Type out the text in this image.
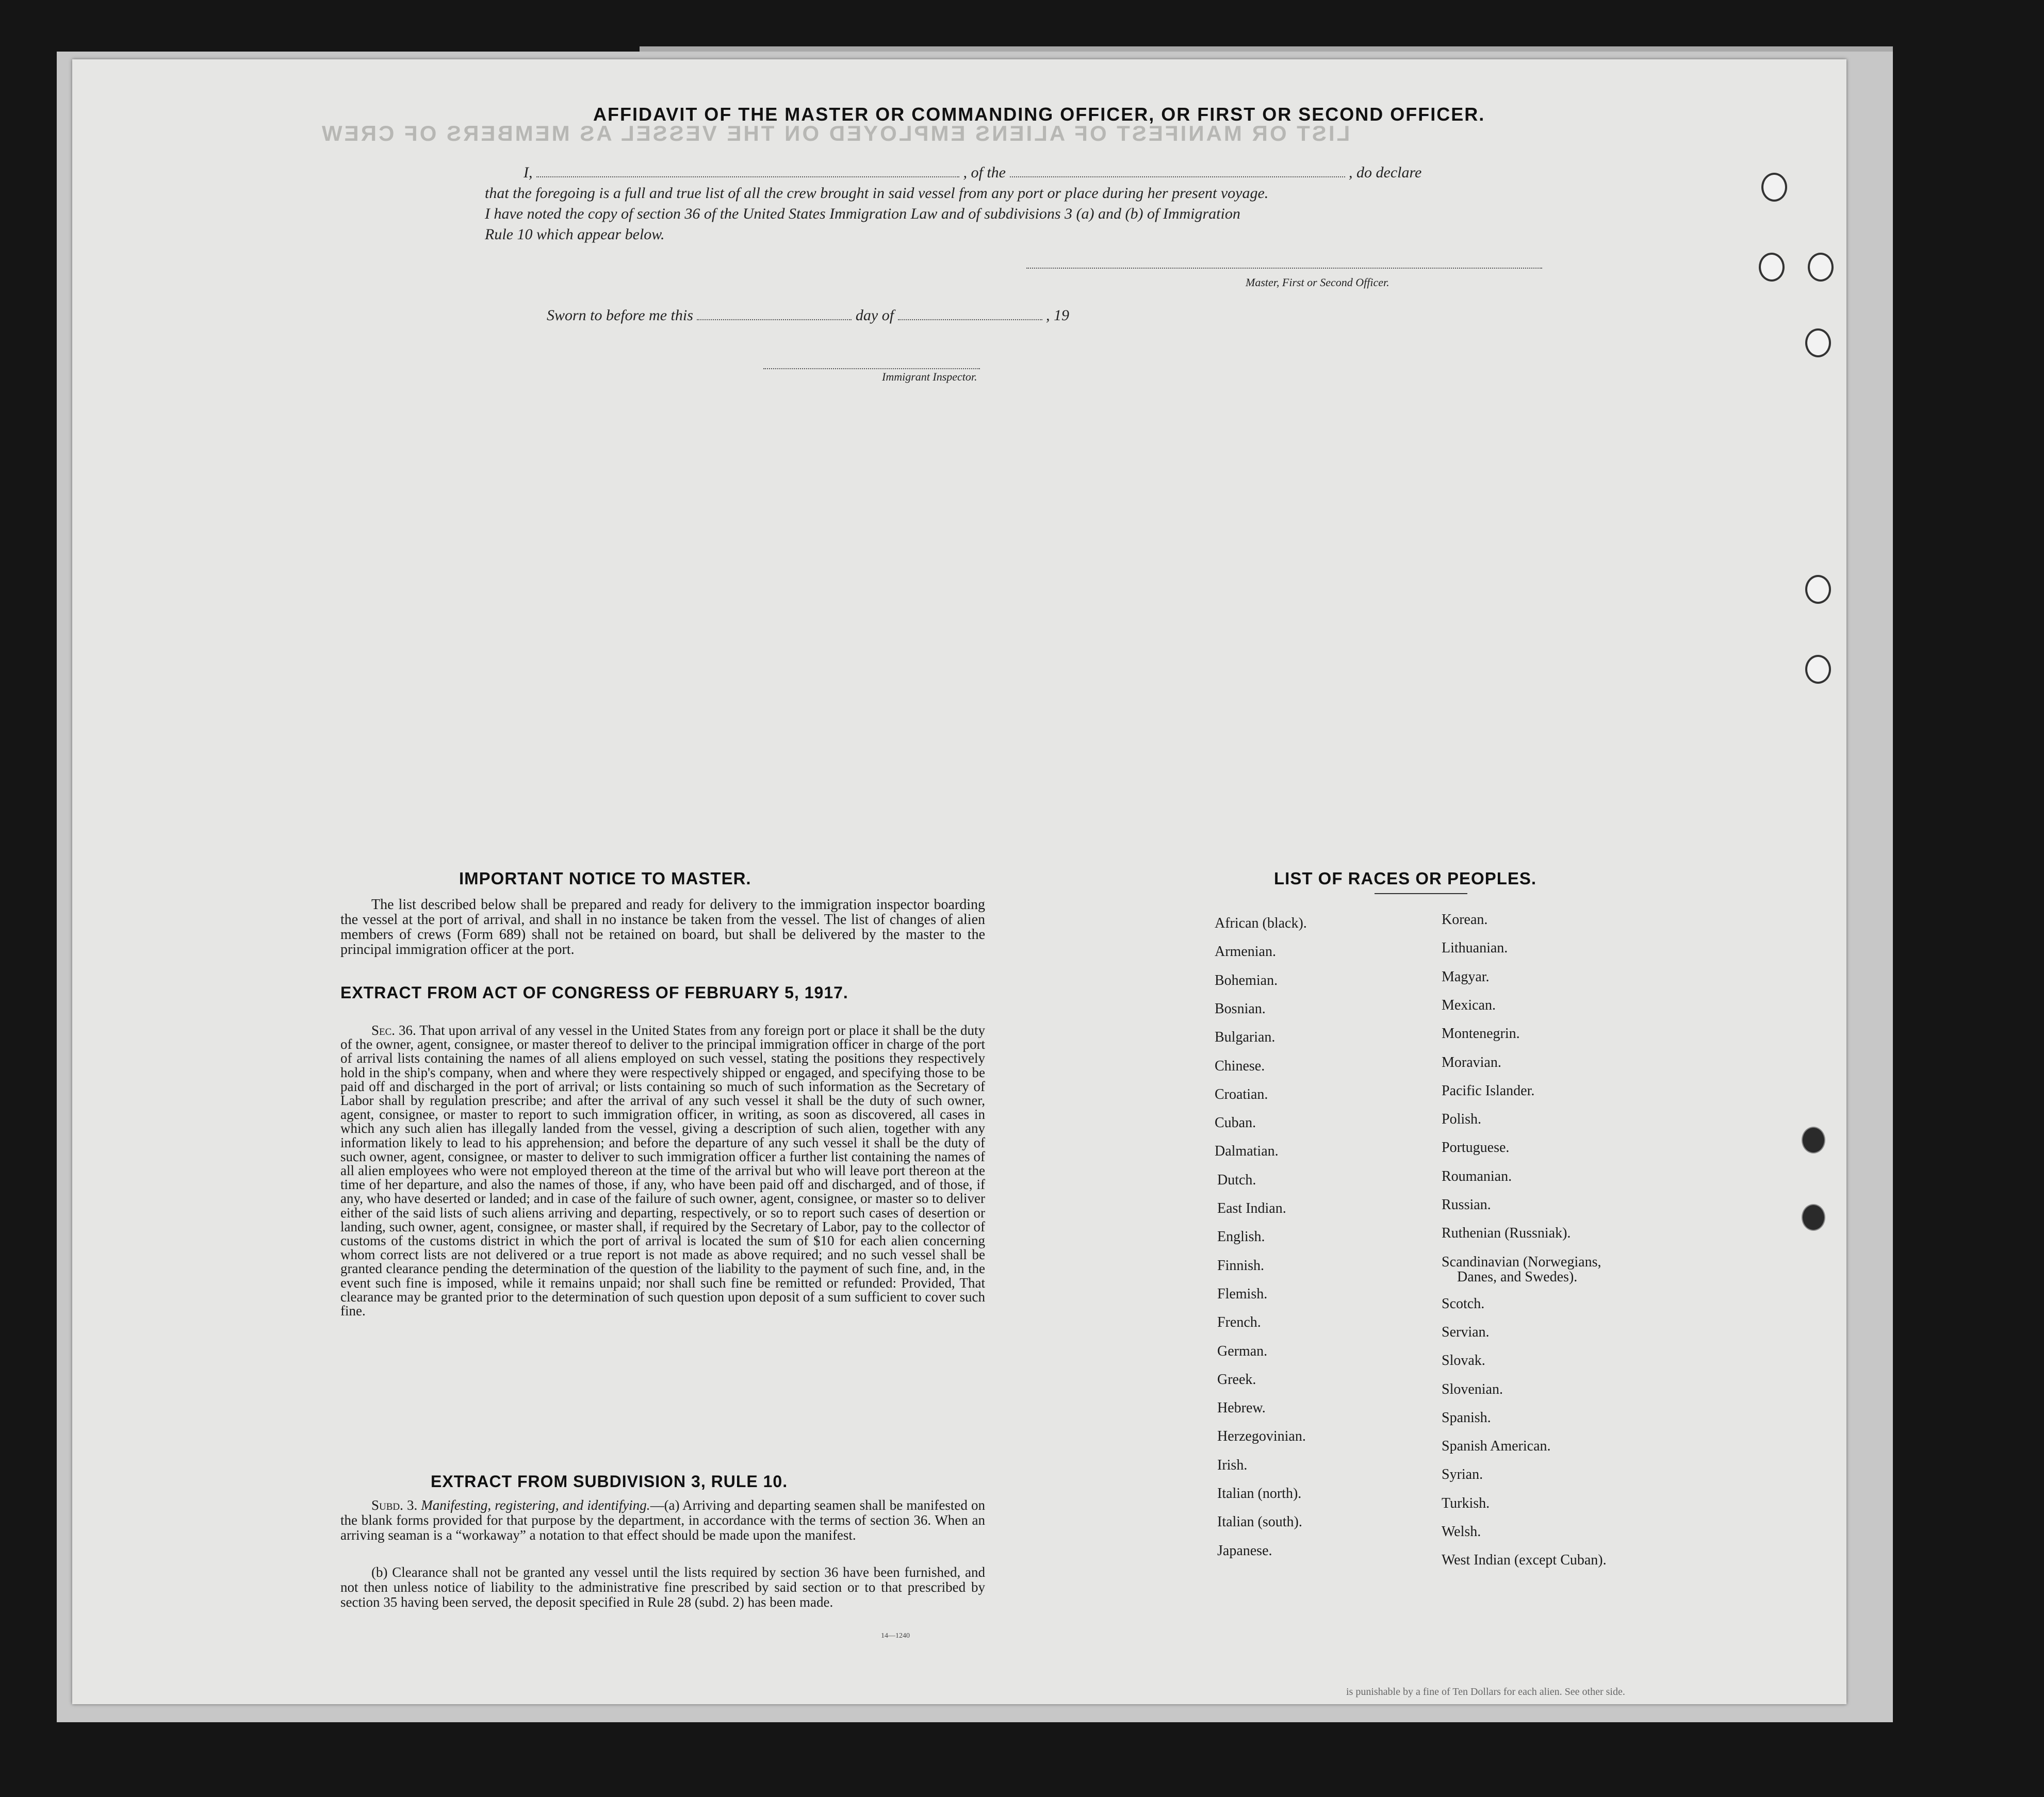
LIST OR MANIFEST OF ALIENS EMPLOYED ON THE VESSEL AS MEMBERS OF CREW
AFFIDAVIT OF THE MASTER OR COMMANDING OFFICER, OR FIRST OR SECOND OFFICER.
I,	, of the	, do declare
that the foregoing is a full and true list of all the crew brought in said vessel from any port or place during her present voyage.
I have noted the copy of section 36 of the United States Immigration Law and of subdivisions 3 (a) and (b) of Immigration
Rule 10 which appear below.
Master, First or Second Officer.
Sworn to before me this	day of	, 19
Immigrant Inspector.
IMPORTANT NOTICE TO MASTER.
The list described below shall be prepared and ready for delivery to the immigration inspector boarding the vessel at the port of arrival, and shall in no instance be taken from the vessel. The list of changes of alien members of crews (Form 689) shall not be retained on board, but shall be delivered by the master to the principal immigration officer at the port.
EXTRACT FROM ACT OF CONGRESS OF FEBRUARY 5, 1917.
Sec. 36. That upon arrival of any vessel in the United States from any foreign port or place it shall be the duty of the owner, agent, consignee, or master thereof to deliver to the principal immigration officer in charge of the port of arrival lists containing the names of all aliens employed on such vessel, stating the positions they respectively hold in the ship's company, when and where they were respectively shipped or engaged, and specifying those to be paid off and discharged in the port of arrival; or lists containing so much of such information as the Secretary of Labor shall by regulation prescribe; and after the arrival of any such vessel it shall be the duty of such owner, agent, consignee, or master to report to such immigration officer, in writing, as soon as discovered, all cases in which any such alien has illegally landed from the vessel, giving a description of such alien, together with any information likely to lead to his apprehension; and before the departure of any such vessel it shall be the duty of such owner, agent, consignee, or master to deliver to such immigration officer a further list containing the names of all alien employees who were not employed thereon at the time of the arrival but who will leave port thereon at the time of her departure, and also the names of those, if any, who have been paid off and discharged, and of those, if any, who have deserted or landed; and in case of the failure of such owner, agent, consignee, or master so to deliver either of the said lists of such aliens arriving and departing, respectively, or so to report such cases of desertion or landing, such owner, agent, consignee, or master shall, if required by the Secretary of Labor, pay to the collector of customs of the customs district in which the port of arrival is located the sum of $10 for each alien concerning whom correct lists are not delivered or a true report is not made as above required; and no such vessel shall be granted clearance pending the determination of the question of the liability to the payment of such fine, and, in the event such fine is imposed, while it remains unpaid; nor shall such fine be remitted or refunded: Provided, That clearance may be granted prior to the determination of such question upon deposit of a sum sufficient to cover such fine.
EXTRACT FROM SUBDIVISION 3, RULE 10.
Subd. 3. Manifesting, registering, and identifying.—(a) Arriving and departing seamen shall be manifested on the blank forms provided for that purpose by the department, in accordance with the terms of section 36. When an arriving seaman is a “workaway” a notation to that effect should be made upon the manifest.
(b) Clearance shall not be granted any vessel until the lists required by section 36 have been furnished, and not then unless notice of liability to the administrative fine prescribed by said section or to that prescribed by section 35 having been served, the deposit specified in Rule 28 (subd. 2) has been made.
14—1240
LIST OF RACES OR PEOPLES.
African (black).
Armenian.
Bohemian.
Bosnian.
Bulgarian.
Chinese.
Croatian.
Cuban.
Dalmatian.
Dutch.
East Indian.
English.
Finnish.
Flemish.
French.
German.
Greek.
Hebrew.
Herzegovinian.
Irish.
Italian (north).
Italian (south).
Japanese.
Korean.
Lithuanian.
Magyar.
Mexican.
Montenegrin.
Moravian.
Pacific Islander.
Polish.
Portuguese.
Roumanian.
Russian.
Ruthenian (Russniak).
Scandinavian (Norwegians,
Danes, and Swedes).
Scotch.
Servian.
Slovak.
Slovenian.
Spanish.
Spanish American.
Syrian.
Turkish.
Welsh.
West Indian (except Cuban).
is punishable by a fine of Ten Dollars for each alien. See other side.
